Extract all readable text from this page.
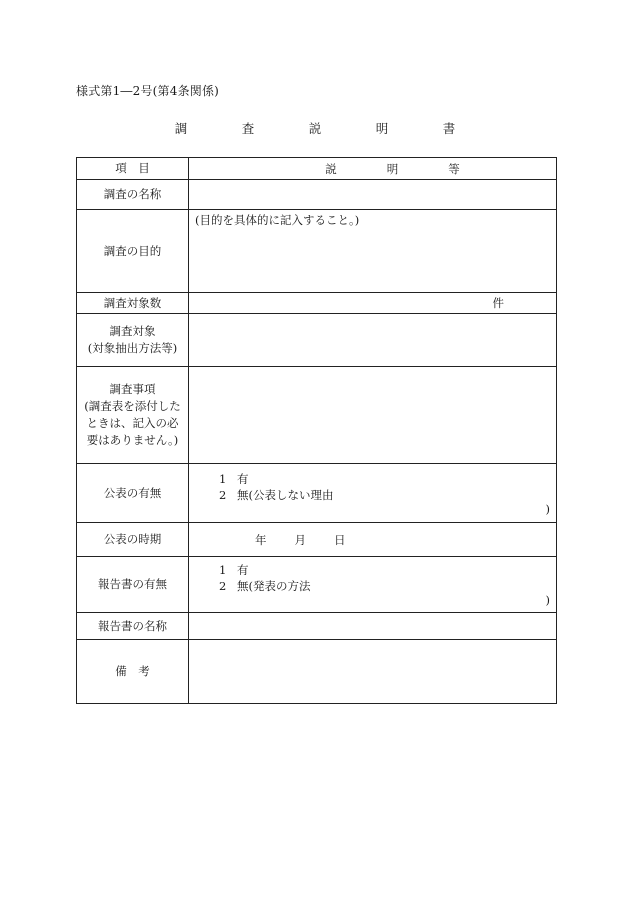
様式第1―2号(第4条関係)
調　査　説　明　書
項　目	説 明 等

調査の名称	
調査の目的	(目的を具体的に記入すること。)

調査対象数	件

調査対象
(対象抽出方法等)	

調査事項
(調査表を添付した
ときは、記入の必
要はありません。)	

公表の有無	1 有
2 無(公表しない理由
)

公表の時期	年 月 日

報告書の有無	1 有
2 無(発表の方法
)

報告書の名称	
備　考	
